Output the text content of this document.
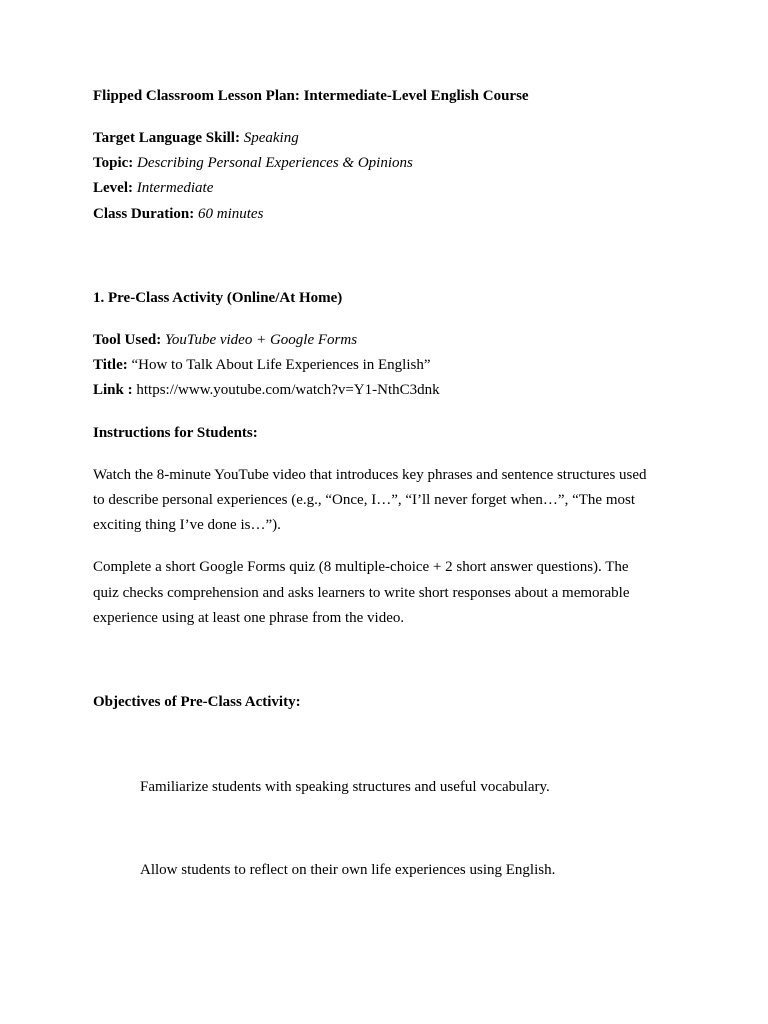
Flipped Classroom Lesson Plan: Intermediate-Level English Course
Target Language Skill: Speaking
Topic: Describing Personal Experiences & Opinions
Level: Intermediate
Class Duration: 60 minutes
1. Pre-Class Activity (Online/At Home)
Tool Used: YouTube video + Google Forms
Title: “How to Talk About Life Experiences in English”
Link : https://www.youtube.com/watch?v=Y1-NthC3dnk
Instructions for Students:
Watch the 8-minute YouTube video that introduces key phrases and sentence structures used
to describe personal experiences (e.g., “Once, I…”, “I’ll never forget when…”, “The most
exciting thing I’ve done is…”).
Complete a short Google Forms quiz (8 multiple-choice + 2 short answer questions). The
quiz checks comprehension and asks learners to write short responses about a memorable
experience using at least one phrase from the video.
Objectives of Pre-Class Activity:
Familiarize students with speaking structures and useful vocabulary.
Allow students to reflect on their own life experiences using English.
